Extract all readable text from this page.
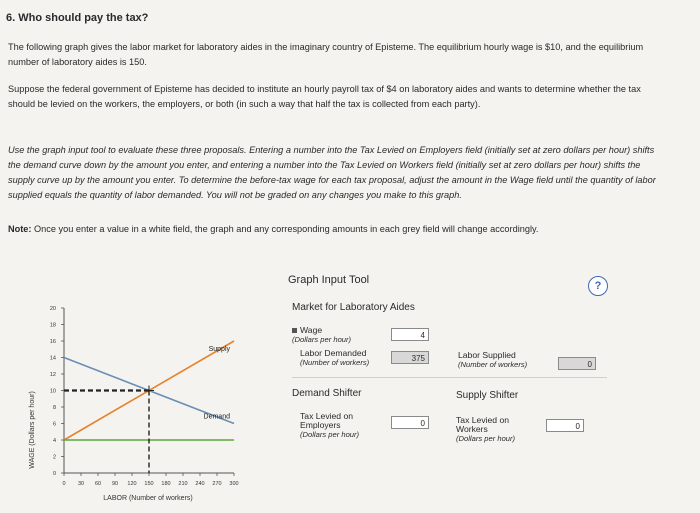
6. Who should pay the tax?
The following graph gives the labor market for laboratory aides in the imaginary country of Episteme. The equilibrium hourly wage is $10, and the equilibrium number of laboratory aides is 150.
Suppose the federal government of Episteme has decided to institute an hourly payroll tax of $4 on laboratory aides and wants to determine whether the tax should be levied on the workers, the employers, or both (in such a way that half the tax is collected from each party).
Use the graph input tool to evaluate these three proposals. Entering a number into the Tax Levied on Employers field (initially set at zero dollars per hour) shifts the demand curve down by the amount you enter, and entering a number into the Tax Levied on Workers field (initially set at zero dollars per hour) shifts the supply curve up by the amount you enter. To determine the before-tax wage for each tax proposal, adjust the amount in the Wage field until the quantity of labor supplied equals the quantity of labor demanded. You will not be graded on any changes you make to this graph.
Note: Once you enter a value in a white field, the graph and any corresponding amounts in each grey field will change accordingly.
Supply
Demand
0
2
4
6
8
10
12
14
16
18
20
0 30 60 90 120 150 180 210 240 270 300
WAGE (Dollars per hour)
LABOR (Number of workers)
Graph Input Tool	?
Market for Laboratory Aides
Wage
(Dollars per hour)	4
Labor Demanded
(Number of workers)	375	Labor Supplied
(Number of workers)	0
Demand Shifter	Supply Shifter
Tax Levied on
Employers
(Dollars per hour)
0	Tax Levied on
Workers
(Dollars per hour)
0
